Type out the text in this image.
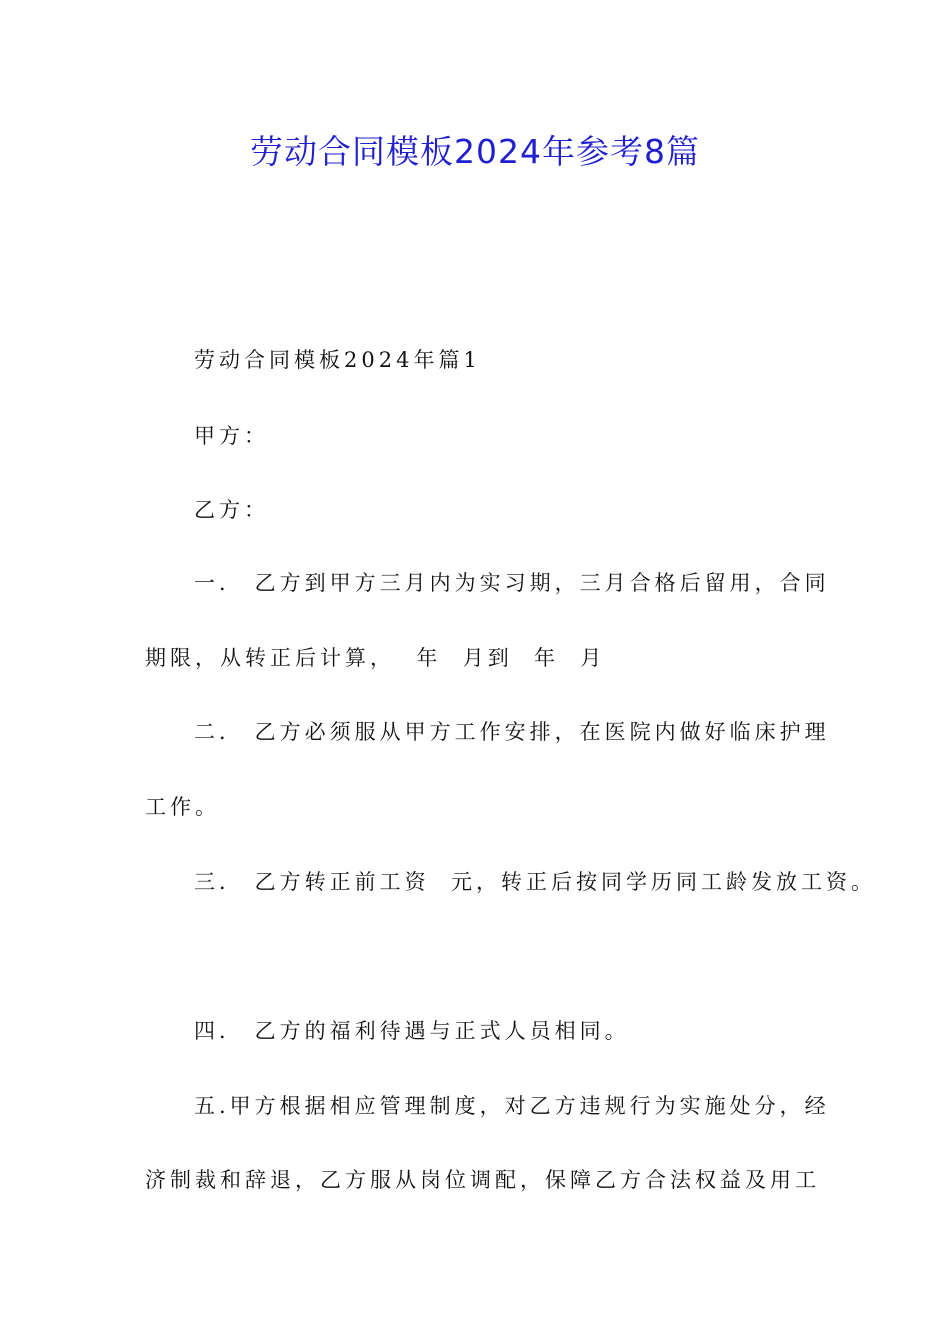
劳动合同模板2024年参考8篇
劳动合同模板2024年篇1
甲方：
乙方：
一． 乙方到甲方三月内为实习期，三月合格后留用，合同
期限，从转正后计算，  年  月到  年  月
二． 乙方必须服从甲方工作安排，在医院内做好临床护理
工作。
三． 乙方转正前工资  元，转正后按同学历同工龄发放工资。
四． 乙方的福利待遇与正式人员相同。
五.甲方根据相应管理制度，对乙方违规行为实施处分，经
济制裁和辞退，乙方服从岗位调配，保障乙方合法权益及用工
